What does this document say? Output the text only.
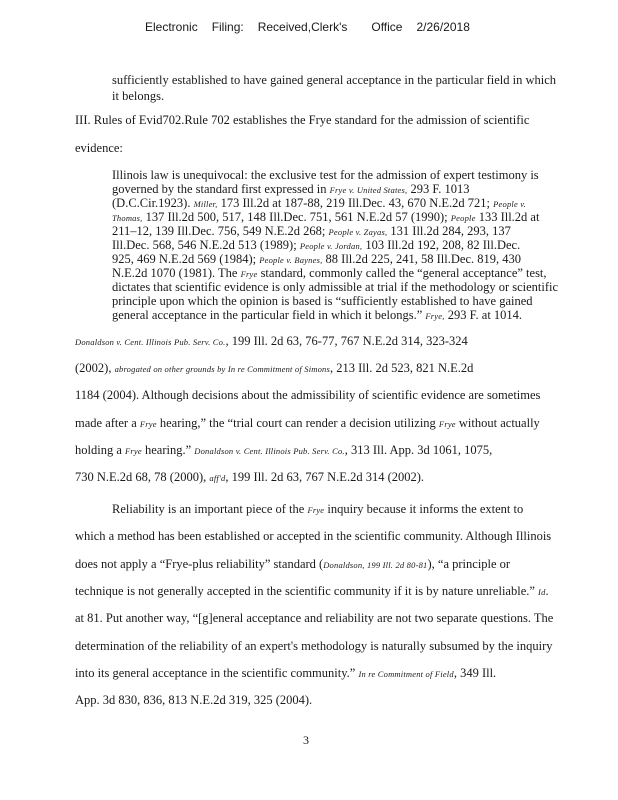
Electronic Filing: Received,Clerk's Office 2/26/2018
sufficiently established to have gained general acceptance in the particular field in which
it belongs.
III. Rules of Evid702.Rule 702 establishes the Frye standard for the admission of scientific
evidence:
Illinois law is unequivocal: the exclusive test for the admission of expert testimony is
governed by the standard first expressed in Frye v. United States, 293 F. 1013
(D.C.Cir.1923). Miller, 173 Ill.2d at 187-88, 219 Ill.Dec. 43, 670 N.E.2d 721; People v.
Thomas, 137 Ill.2d 500, 517, 148 Ill.Dec. 751, 561 N.E.2d 57 (1990); People 133 Ill.2d at
211–12, 139 Ill.Dec. 756, 549 N.E.2d 268; People v. Zayas, 131 Ill.2d 284, 293, 137
Ill.Dec. 568, 546 N.E.2d 513 (1989); People v. Jordan, 103 Ill.2d 192, 208, 82 Ill.Dec.
925, 469 N.E.2d 569 (1984); People v. Baynes, 88 Ill.2d 225, 241, 58 Ill.Dec. 819, 430
N.E.2d 1070 (1981). The Frye standard, commonly called the “general acceptance” test,
dictates that scientific evidence is only admissible at trial if the methodology or scientific
principle upon which the opinion is based is “sufficiently established to have gained
general acceptance in the particular field in which it belongs.” Frye, 293 F. at 1014.
Donaldson v. Cent. Illinois Pub. Serv. Co., 199 Ill. 2d 63, 76-77, 767 N.E.2d 314, 323-324
(2002), abrogated on other grounds by In re Commitment of Simons, 213 Ill. 2d 523, 821 N.E.2d
1184 (2004). Although decisions about the admissibility of scientific evidence are sometimes
made after a Frye hearing,” the “trial court can render a decision utilizing Frye without actually
holding a Frye hearing.” Donaldson v. Cent. Illinois Pub. Serv. Co., 313 Ill. App. 3d 1061, 1075,
730 N.E.2d 68, 78 (2000), aff'd, 199 Ill. 2d 63, 767 N.E.2d 314 (2002).
Reliability is an important piece of the Frye inquiry because it informs the extent to
which a method has been established or accepted in the scientific community. Although Illinois
does not apply a “Frye-plus reliability” standard (Donaldson, 199 Ill. 2d 80-81), “a principle or
technique is not generally accepted in the scientific community if it is by nature unreliable.” Id.
at 81. Put another way, “[g]eneral acceptance and reliability are not two separate questions. The
determination of the reliability of an expert's methodology is naturally subsumed by the inquiry
into its general acceptance in the scientific community.” In re Commitment of Field, 349 Ill.
App. 3d 830, 836, 813 N.E.2d 319, 325 (2004).
3
